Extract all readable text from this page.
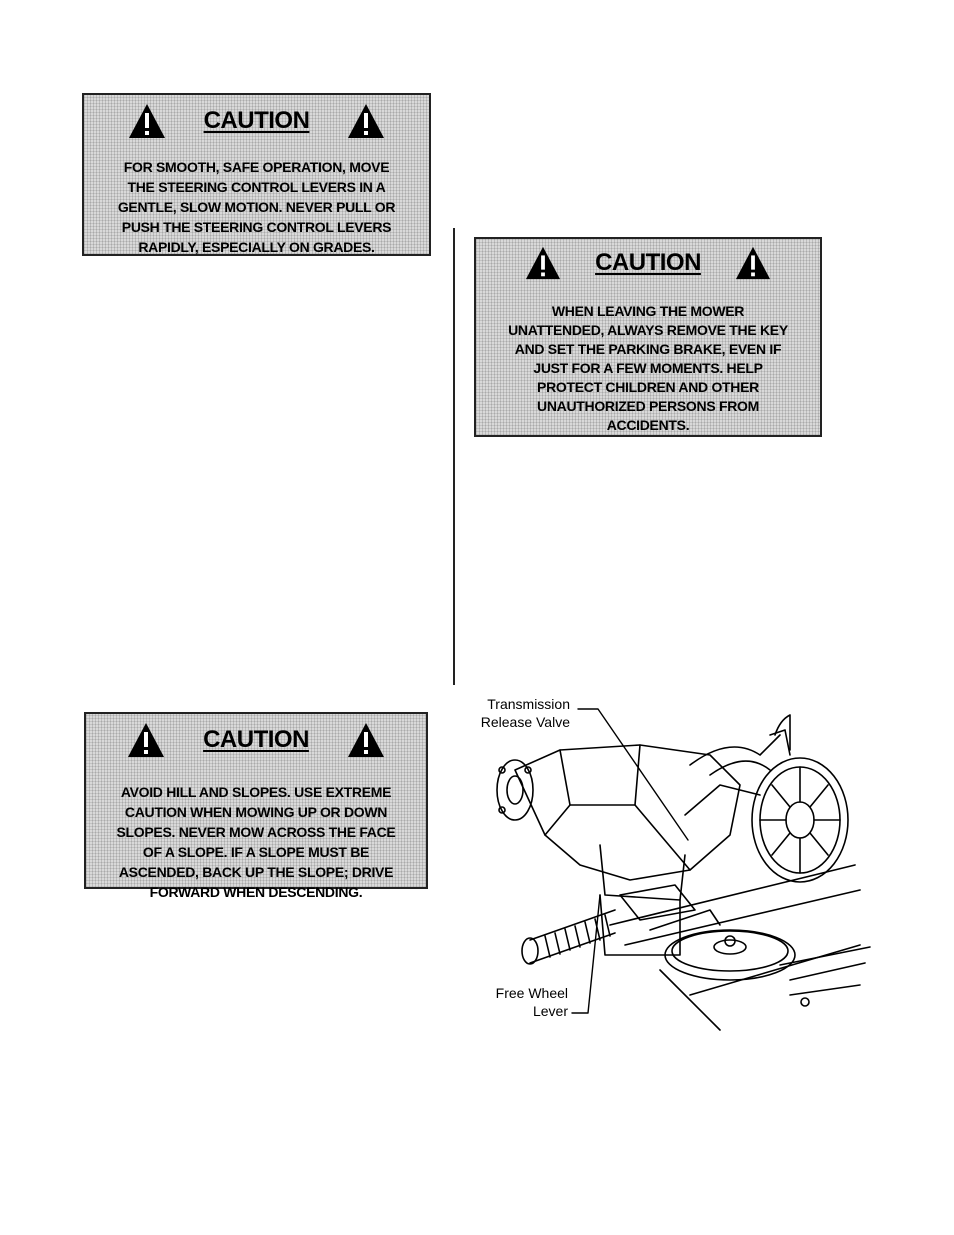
CAUTION
FOR SMOOTH, SAFE OPERATION, MOVE
THE STEERING CONTROL LEVERS IN A
GENTLE, SLOW MOTION. NEVER PULL OR
PUSH THE STEERING CONTROL LEVERS
RAPIDLY, ESPECIALLY ON GRADES.
CAUTION
WHEN LEAVING THE MOWER
UNATTENDED, ALWAYS REMOVE THE KEY
AND SET THE PARKING BRAKE, EVEN IF
JUST FOR A FEW MOMENTS. HELP
PROTECT CHILDREN AND OTHER
UNAUTHORIZED PERSONS FROM
ACCIDENTS.
CAUTION
AVOID HILL AND SLOPES. USE EXTREME
CAUTION WHEN MOWING UP OR DOWN
SLOPES. NEVER MOW ACROSS THE FACE
OF A SLOPE. IF A SLOPE MUST BE
ASCENDED, BACK UP THE SLOPE; DRIVE
FORWARD WHEN DESCENDING.
Transmission
Release Valve
Free Wheel
Lever
